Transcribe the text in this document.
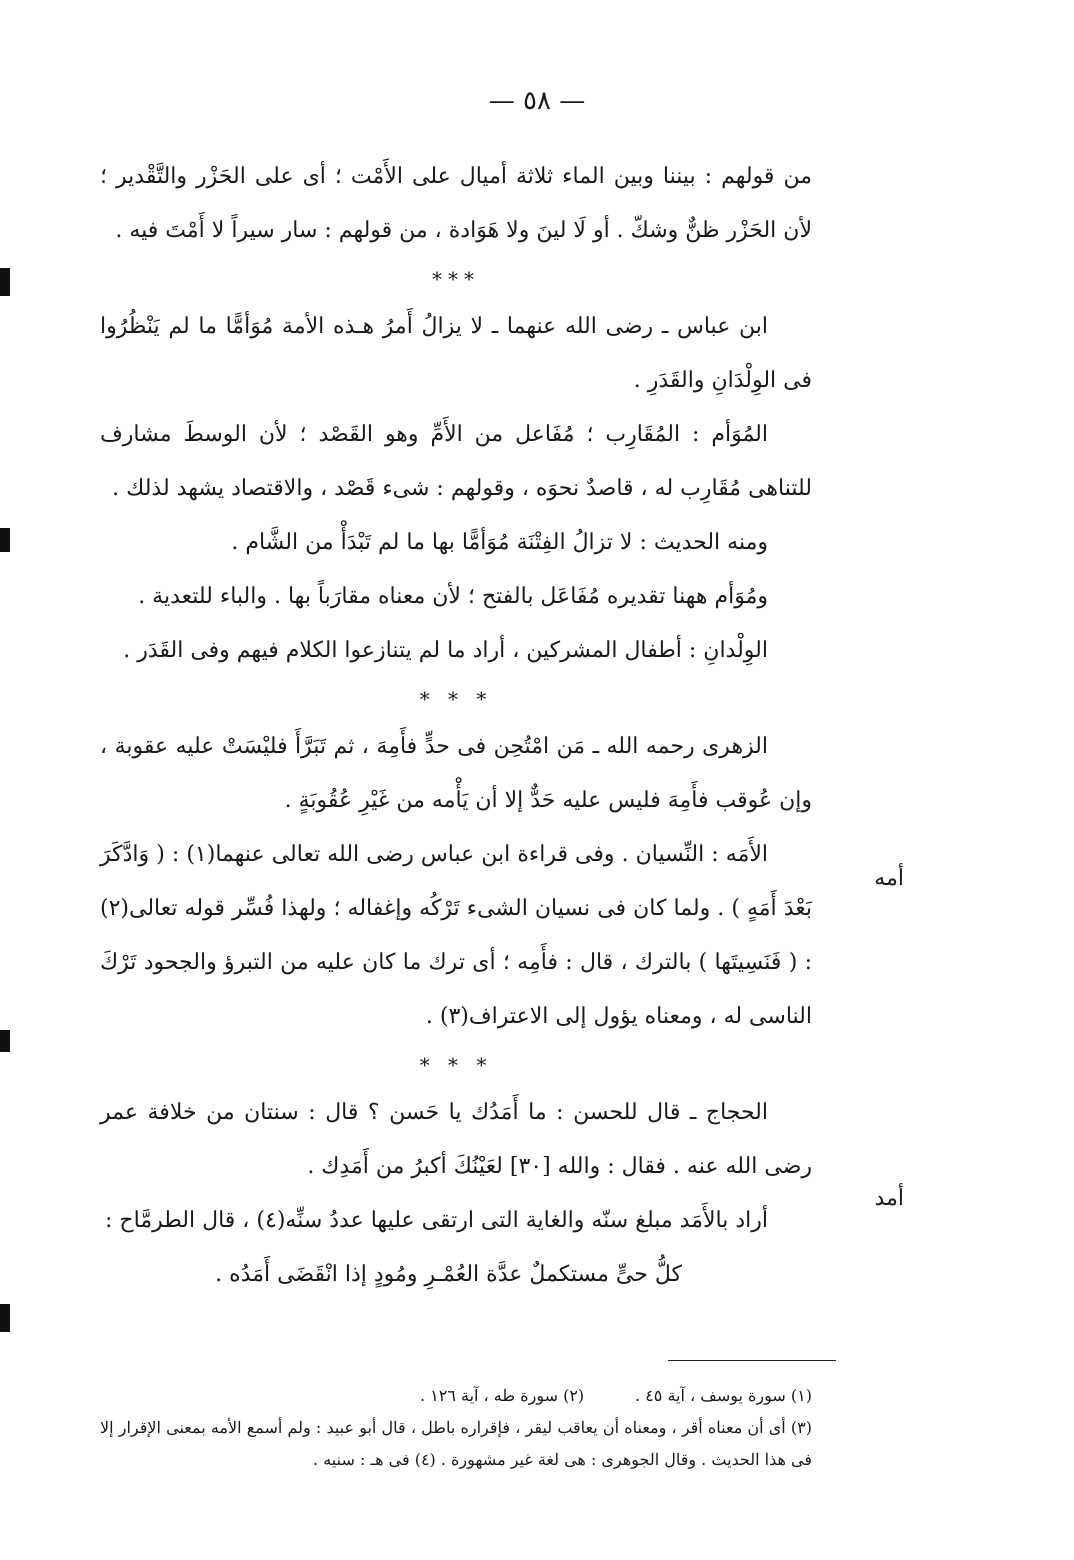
— ٥٨ —

من قولهم : بيننا وبين الماء ثلاثة أميال على الأَمْت ؛ أى على الحَزْر والتَّقْدير ؛ لأن الحَزْر ظنٌّ وشكّ . أو لَا لينَ ولا هَوَادة ، من قولهم : سار سيراً لا أَمْتَ فيه .

***

ابن عباس ـ رضى الله عنهما ـ لا يزالُ أَمرُ هـذه الأمة مُوَأمًّا ما لم يَنْظُرُوا فى الوِلْدَانِ والقَدَرِ .

المُوَأم : المُقَارِب ؛ مُفَاعل من الأَمِّ وهو القَصْد ؛ لأن الوسطَ مشارف للتناهى مُقَارِب له ، قاصدٌ نحوَه ، وقولهم : شىء قَصْد ، والاقتصاد يشهد لذلك .

ومنه الحديث : لا تزالُ الفِتْنَة مُوَأمًّا بها ما لم تَبْدَأْ من الشَّام .

ومُوَأم ههنا تقديره مُفَاعَل بالفتح ؛ لأن معناه مقارَباً بها . والباء للتعدية .

الوِلْدانِ : أطفال المشركين ، أراد ما لم يتنازعوا الكلام فيهم وفى القَدَر .

* * *

الزهرى رحمه الله ـ مَن امْتُحِن فى حدٍّ فأَمِهَ ، ثم تَبَرَّأَ فليْسَتْ عليه عقوبة ، وإن عُوقب فأَمِهَ فليس عليه حَدٌّ إلا أن يَأْمه من غَيْرِ عُقُوبَةٍ .

الأَمَه : النِّسيان . وفى قراءة ابن عباس رضى الله تعالى عنهما(١) : ( وَادَّكَرَ بَعْدَ أَمَهٍ ) . ولما كان فى نسيان الشىء تَرْكُه وإغفاله ؛ ولهذا فُسِّر قوله تعالى(٢) : ( فَنَسِيتَها ) بالترك ، قال : فأَمِه ؛ أى ترك ما كان عليه من التبرؤ والجحود تَرْكَ الناسى له ، ومعناه يؤول إلى الاعتراف(٣) .

* * *

الحجاج ـ قال للحسن : ما أَمَدُك يا حَسن ؟ قال : سنتان من خلافة عمر رضى الله عنه . فقال : والله [٣٠] لعَيْنُكَ أكبرُ من أَمَدِك .

أراد بالأَمَد مبلغ سنّه والغاية التى ارتقى عليها عددُ سنِّه(٤) ، قال الطرمَّاح :

كلُّ حىٍّ مستكملٌ عدَّة العُمْـرِ ومُودٍ إذا انْقَضَى أَمَدُه .

أمه
أمد

(١) سورة يوسف ، آية ٤٥ .          (٢) سورة طه ، آية ١٢٦ .

(٣) أى أن معناه أقر ، ومعناه أن يعاقب ليقر ، فإقراره باطل ، قال أبو عبيد : ولم أسمع الأمه بمعنى الإقرار إلا فى هذا الحديث . وقال الجوهرى : هى لغة غير مشهورة . (٤) فى هـ : سنيه .
